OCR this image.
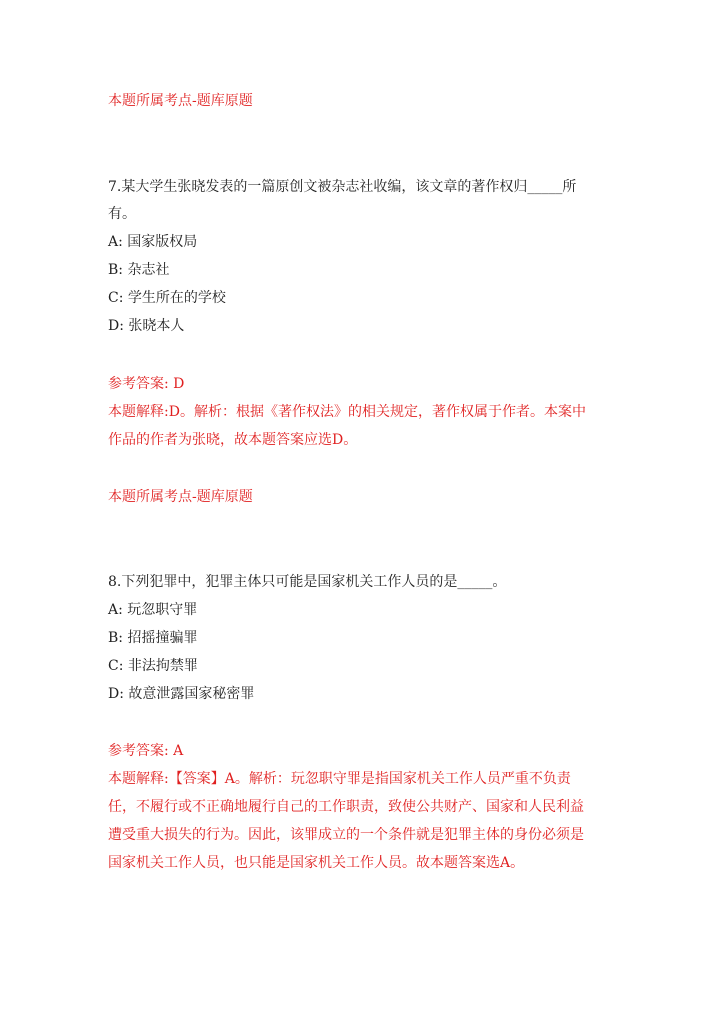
本题所属考点-题库原题
7.某大学生张晓发表的一篇原创文被杂志社收编，该文章的著作权归_____所
有。
A: 国家版权局
B: 杂志社
C: 学生所在的学校
D: 张晓本人
参考答案: D
本题解释:D。解析：根据《著作权法》的相关规定，著作权属于作者。本案中
作品的作者为张晓，故本题答案应选D。
本题所属考点-题库原题
8.下列犯罪中，犯罪主体只可能是国家机关工作人员的是_____。
A: 玩忽职守罪
B: 招摇撞骗罪
C: 非法拘禁罪
D: 故意泄露国家秘密罪
参考答案: A
本题解释:【答案】A。解析：玩忽职守罪是指国家机关工作人员严重不负责
任，不履行或不正确地履行自己的工作职责，致使公共财产、国家和人民利益
遭受重大损失的行为。因此，该罪成立的一个条件就是犯罪主体的身份必须是
国家机关工作人员，也只能是国家机关工作人员。故本题答案选A。
